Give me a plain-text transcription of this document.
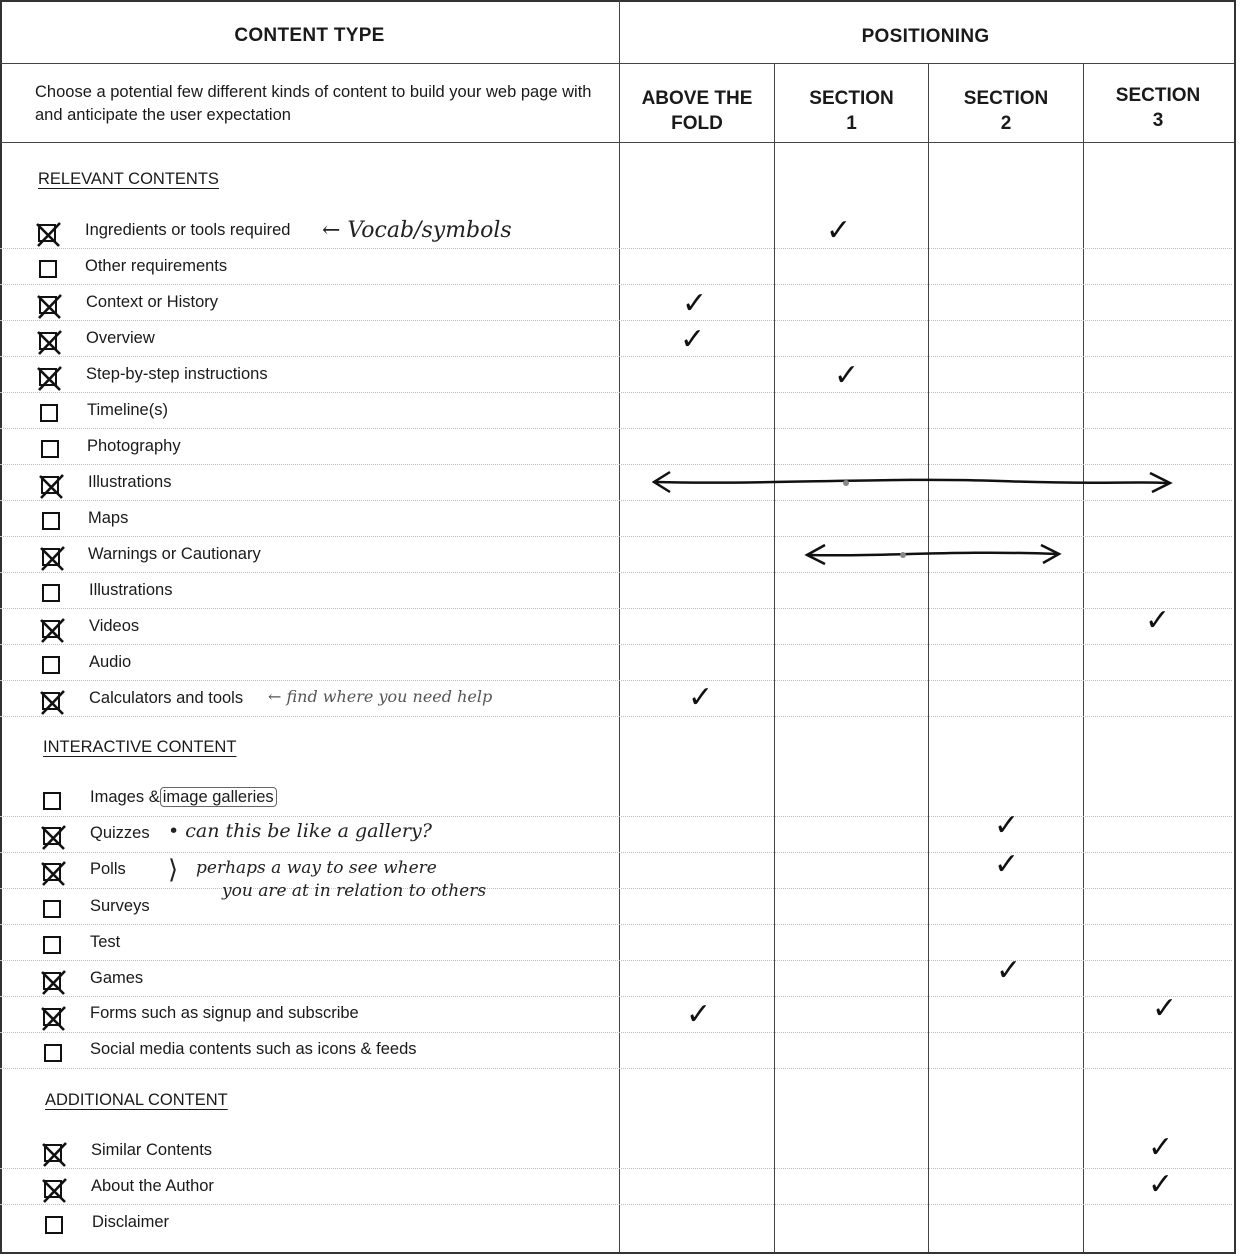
CONTENT TYPE	POSITIONING
Choose a potential few different kinds of content to build your web page with and anticipate the user expectation
ABOVE THE
FOLD
SECTION
1
SECTION
2
SECTION
3
RELEVANT CONTENTS
INTERACTIVE CONTENT
ADDITIONAL CONTENT
Ingredients or tools required
Other requirements
Context or History
Overview
Step-by-step instructions
Timeline(s)
Photography
Illustrations
Maps
Warnings or Cautionary
Illustrations
Videos
Audio
Calculators and tools
Images & image galleries
Quizzes
Polls
Surveys
Test
Games
Forms such as signup and subscribe
Social media contents such as icons & feeds
Similar Contents
About the Author
Disclaimer
← Vocab/symbols
← find where you need help
• can this be like a gallery?
⟩ perhaps a way to see where
you are at in relation to others
✓
✓
✓
✓
✓
✓
✓
✓
✓
✓	✓
✓
✓
